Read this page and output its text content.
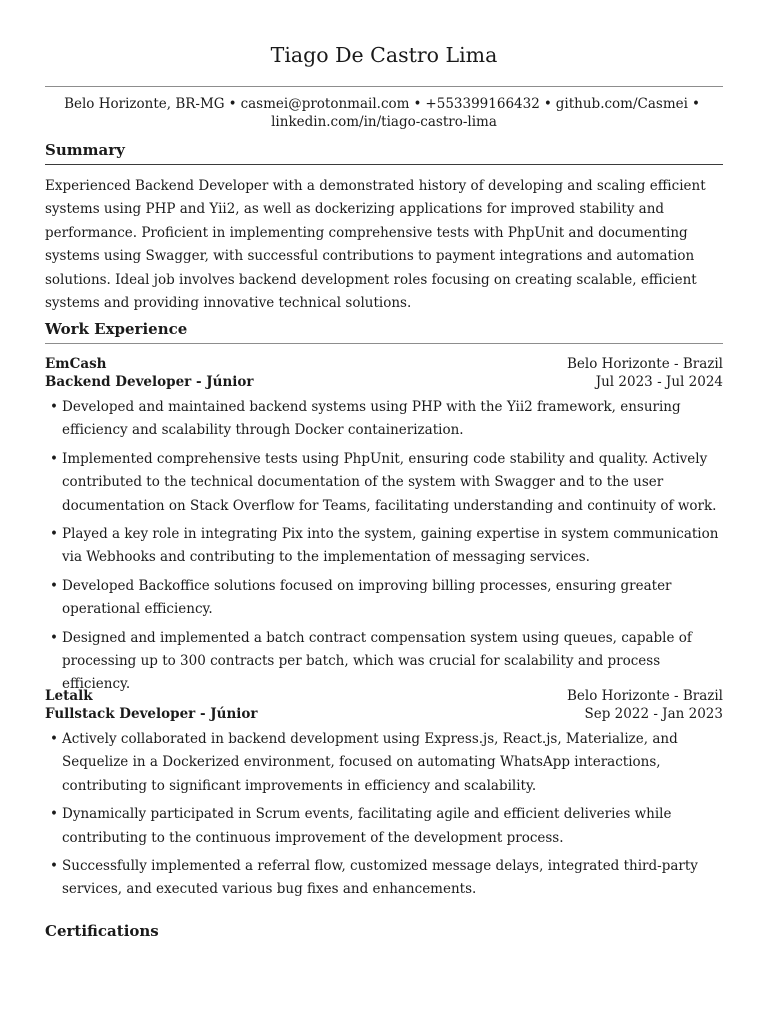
Tiago De Castro Lima
Belo Horizonte, BR-MG • casmei@protonmail.com • +553399166432 • github.com/Casmei •
linkedin.com/in/tiago-castro-lima
Summary

Experienced Backend Developer with a demonstrated history of developing and scaling efficient systems using PHP and Yii2, as well as dockerizing applications for improved stability and performance. Proficient in implementing comprehensive tests with PhpUnit and documenting systems using Swagger, with successful contributions to payment integrations and automation solutions. Ideal job involves backend development roles focusing on creating scalable, efficient systems and providing innovative technical solutions.

Work Experience
EmCash	Belo Horizonte - Brazil
Backend Developer - Júnior	Jul 2023 - Jul 2024
• Developed and maintained backend systems using PHP with the Yii2 framework, ensuring efficiency and scalability through Docker containerization.
• Implemented comprehensive tests using PhpUnit, ensuring code stability and quality. Actively contributed to the technical documentation of the system with Swagger and to the user documentation on Stack Overflow for Teams, facilitating understanding and continuity of work.
• Played a key role in integrating Pix into the system, gaining expertise in system communication via Webhooks and contributing to the implementation of messaging services.
• Developed Backoffice solutions focused on improving billing processes, ensuring greater operational efficiency.
• Designed and implemented a batch contract compensation system using queues, capable of processing up to 300 contracts per batch, which was crucial for scalability and process efficiency.
Letalk	Belo Horizonte - Brazil
Fullstack Developer - Júnior	Sep 2022 - Jan 2023
• Actively collaborated in backend development using Express.js, React.js, Materialize, and Sequelize in a Dockerized environment, focused on automating WhatsApp interactions, contributing to significant improvements in efficiency and scalability.
• Dynamically participated in Scrum events, facilitating agile and efficient deliveries while contributing to the continuous improvement of the development process.
• Successfully implemented a referral flow, customized message delays, integrated third-party services, and executed various bug fixes and enhancements.
Certifications
